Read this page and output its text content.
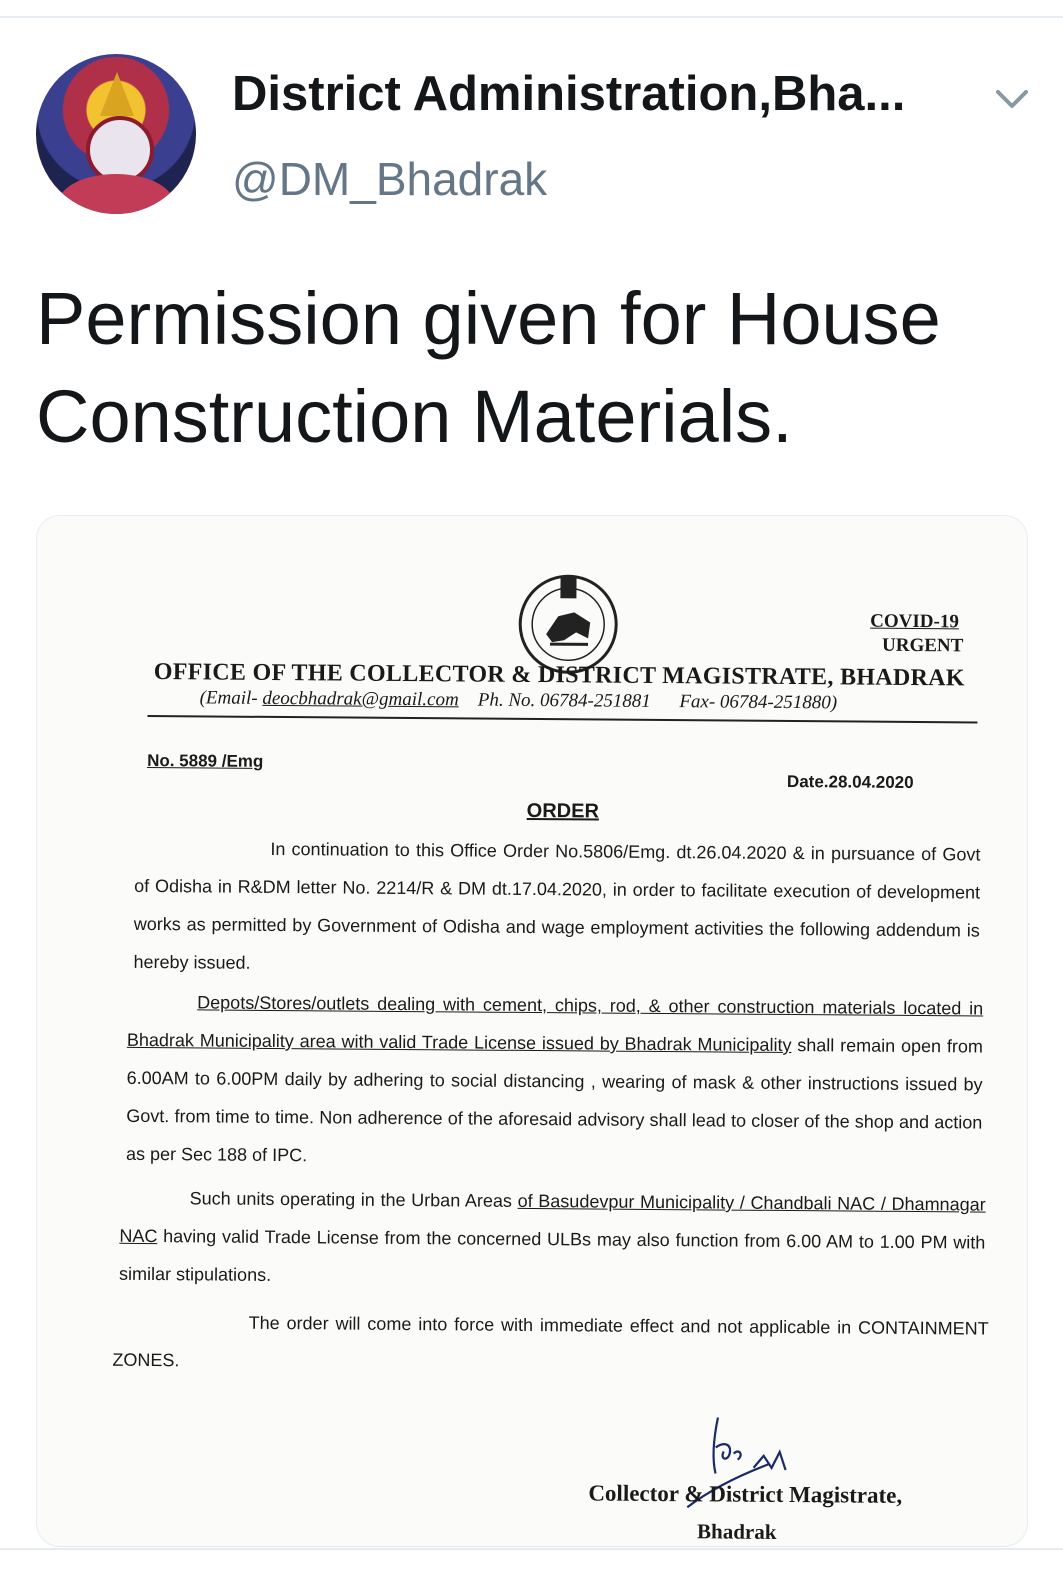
District Administration,Bha...
@DM_Bhadrak
Permission given for House Construction Materials.
COVID-19
URGENT
OFFICE OF THE COLLECTOR & DISTRICT MAGISTRATE, BHADRAK
(Email- deocbhadrak@gmail.com Ph. No. 06784-251881 Fax- 06784-251880)
No. 5889 /Emg
Date.28.04.2020
ORDER
In continuation to this Office Order No.5806/Emg. dt.26.04.2020 & in pursuance of Govt of Odisha in R&DM letter No. 2214/R & DM dt.17.04.2020, in order to facilitate execution of development works as permitted by Government of Odisha and wage employment activities the following addendum is hereby issued.
Depots/Stores/outlets dealing with cement, chips, rod, & other construction materials located in Bhadrak Municipality area with valid Trade License issued by Bhadrak Municipality shall remain open from 6.00AM to 6.00PM daily by adhering to social distancing , wearing of mask & other instructions issued by Govt. from time to time. Non adherence of the aforesaid advisory shall lead to closer of the shop and action as per Sec 188 of IPC.
Such units operating in the Urban Areas of Basudevpur Municipality / Chandbali NAC / Dhamnagar NAC having valid Trade License from the concerned ULBs may also function from 6.00 AM to 1.00 PM with similar stipulations.
The order will come into force with immediate effect and not applicable in CONTAINMENT ZONES.
Collector & District Magistrate,
Bhadrak
